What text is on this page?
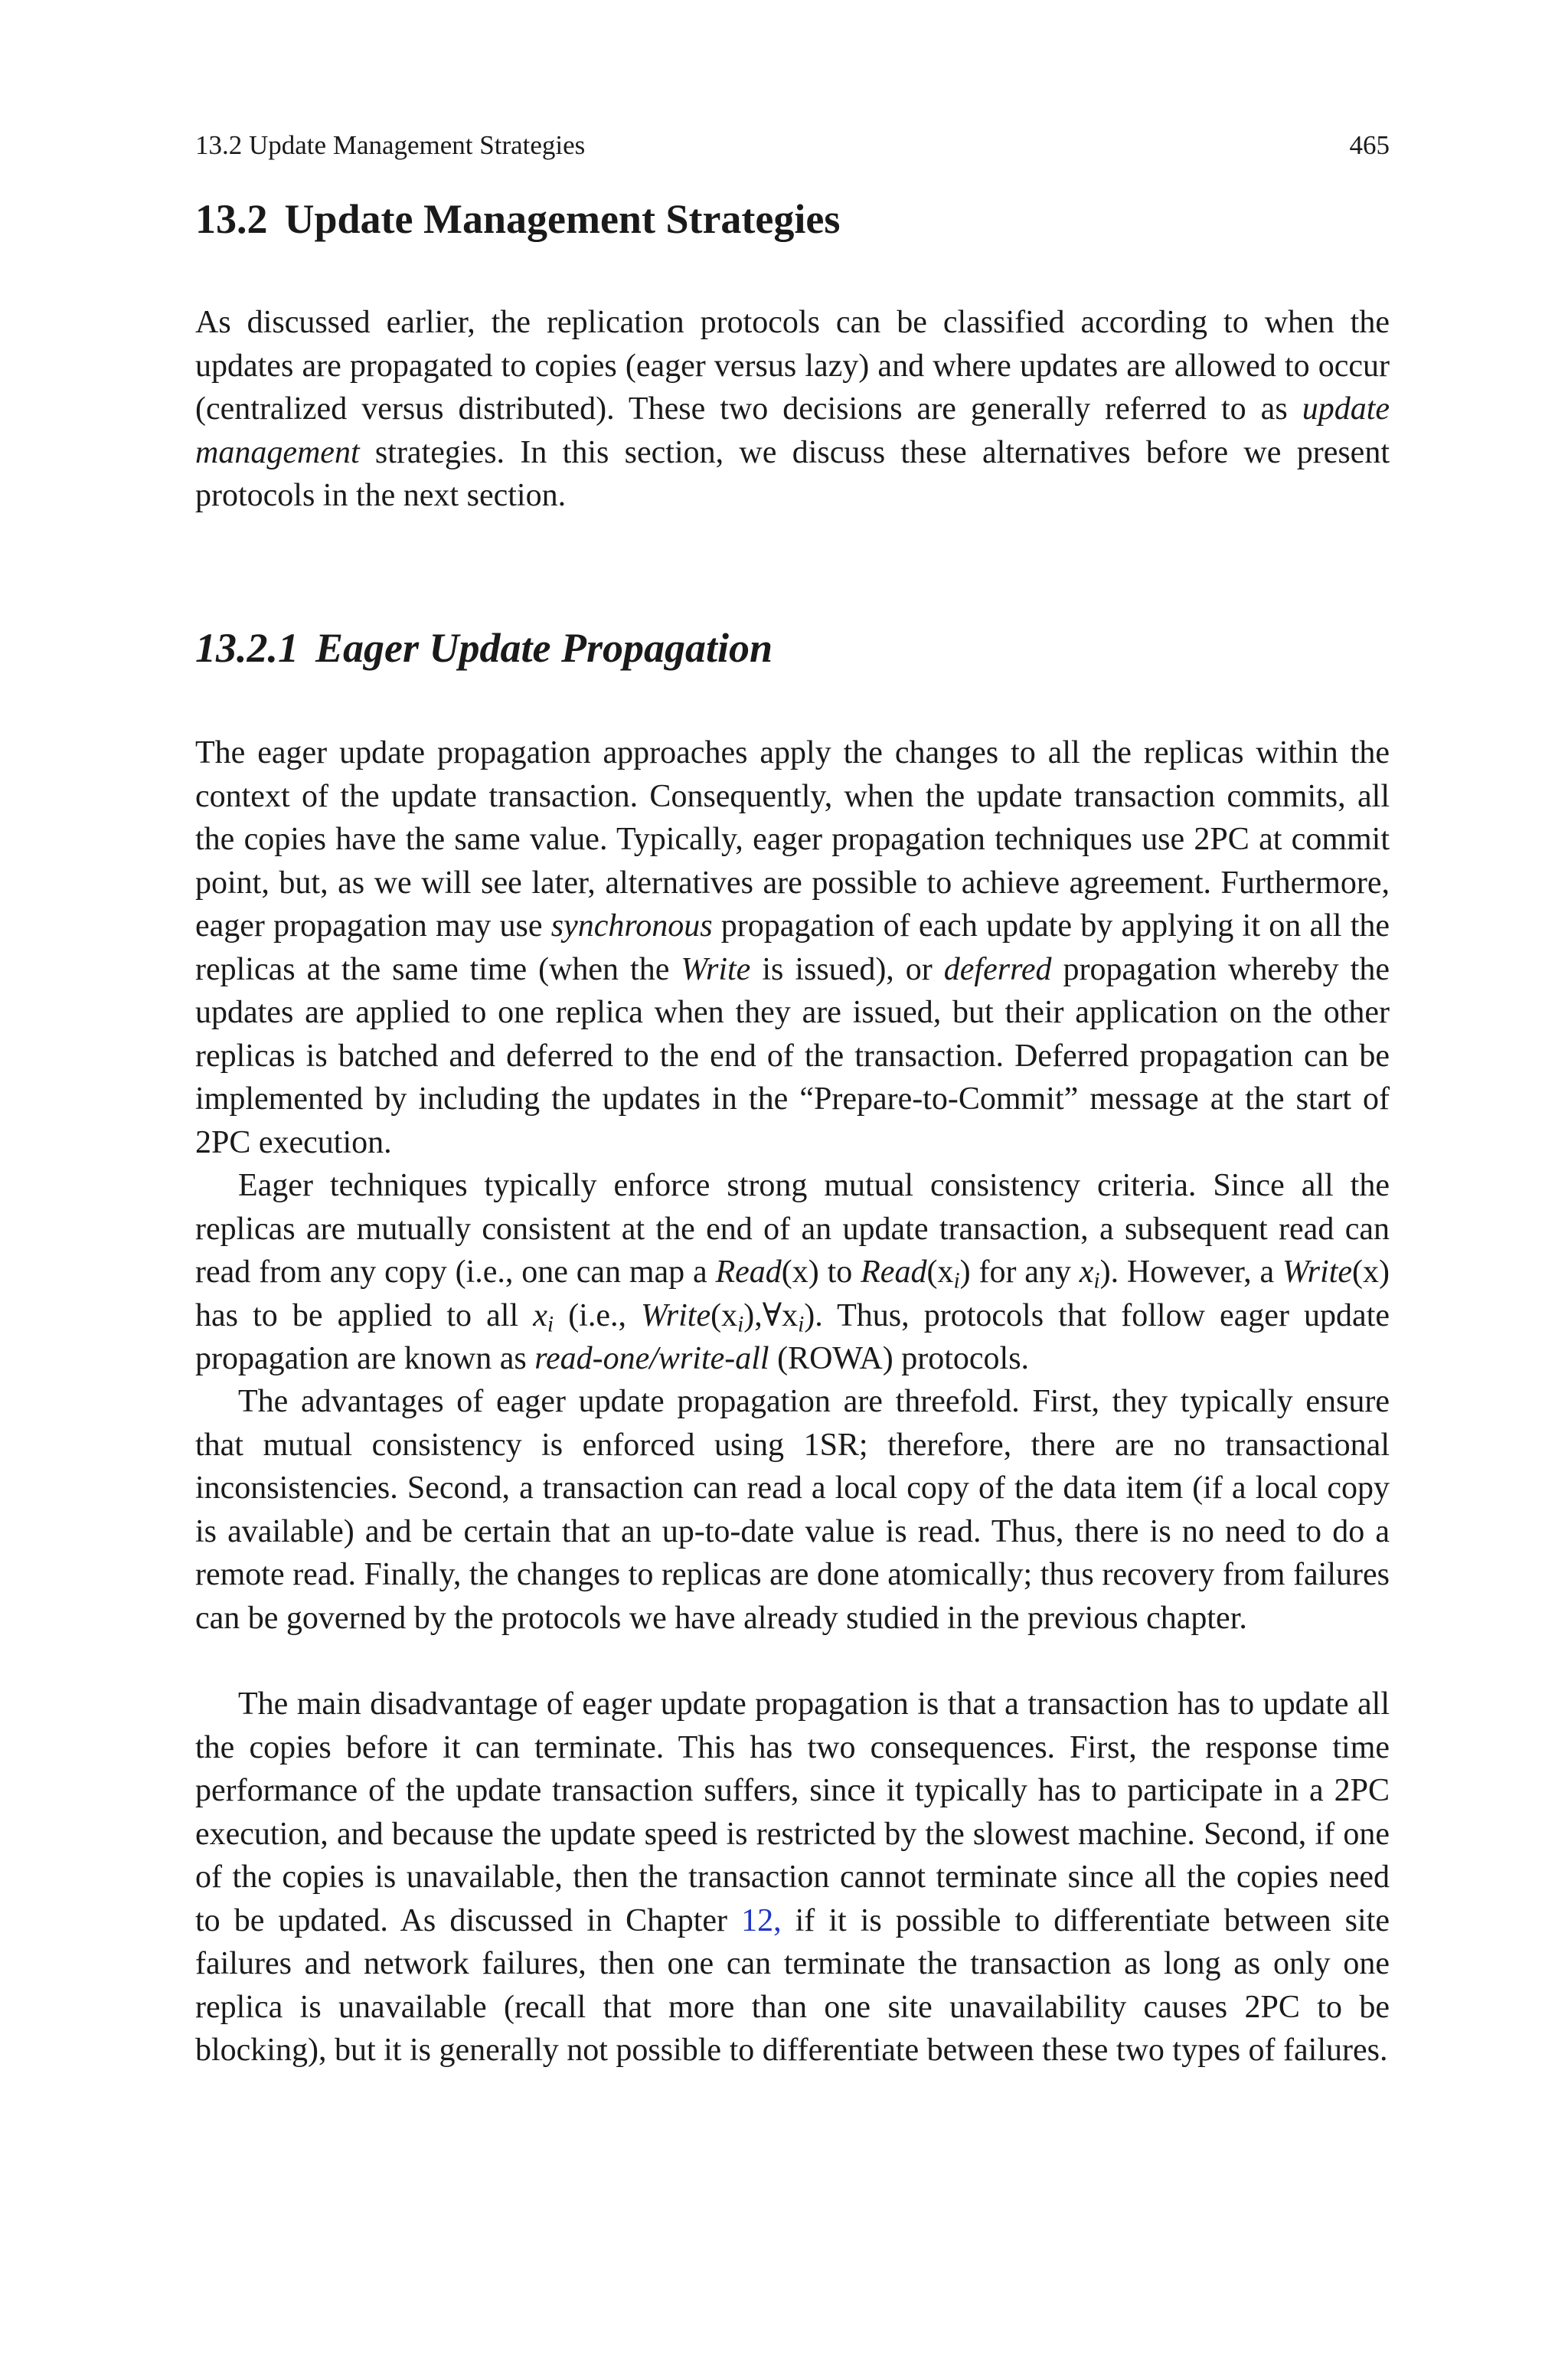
13.2 Update Management Strategies	465
13.2 Update Management Strategies

As discussed earlier, the replication protocols can be classified according to when the updates are propagated to copies (eager versus lazy) and where updates are allowed to occur (centralized versus distributed). These two decisions are generally referred to as update management strategies. In this section, we discuss these alternatives before we present protocols in the next section.

13.2.1 Eager Update Propagation

The eager update propagation approaches apply the changes to all the replicas within the context of the update transaction. Consequently, when the update transaction commits, all the copies have the same value. Typically, eager propagation techniques use 2PC at commit point, but, as we will see later, alternatives are possible to achieve agreement. Furthermore, eager propagation may use synchronous propagation of each update by applying it on all the replicas at the same time (when the Write is issued), or deferred propagation whereby the updates are applied to one replica when they are issued, but their application on the other replicas is batched and deferred to the end of the transaction. Deferred propagation can be implemented by including the updates in the “Prepare-to-Commit” message at the start of 2PC execution.

Eager techniques typically enforce strong mutual consistency criteria. Since all the replicas are mutually consistent at the end of an update transaction, a subsequent read can read from any copy (i.e., one can map a Read(x) to $Read(x_i)$ for any $x_i$). However, a Write(x) has to be applied to all $x_i$ (i.e., $Write(x_i),\forall x_i$). Thus, protocols that follow eager update propagation are known as read-one/write-all (ROWA) protocols.

The advantages of eager update propagation are threefold. First, they typically ensure that mutual consistency is enforced using 1SR; therefore, there are no transactional inconsistencies. Second, a transaction can read a local copy of the data item (if a local copy is available) and be certain that an up-to-date value is read. Thus, there is no need to do a remote read. Finally, the changes to replicas are done atomically; thus recovery from failures can be governed by the protocols we have already studied in the previous chapter.

The main disadvantage of eager update propagation is that a transaction has to update all the copies before it can terminate. This has two consequences. First, the response time performance of the update transaction suffers, since it typically has to participate in a 2PC execution, and because the update speed is restricted by the slowest machine. Second, if one of the copies is unavailable, then the transaction cannot terminate since all the copies need to be updated. As discussed in Chapter 12, if it is possible to differentiate between site failures and network failures, then one can terminate the transaction as long as only one replica is unavailable (recall that more than one site unavailability causes 2PC to be blocking), but it is generally not possible to differentiate between these two types of failures.
